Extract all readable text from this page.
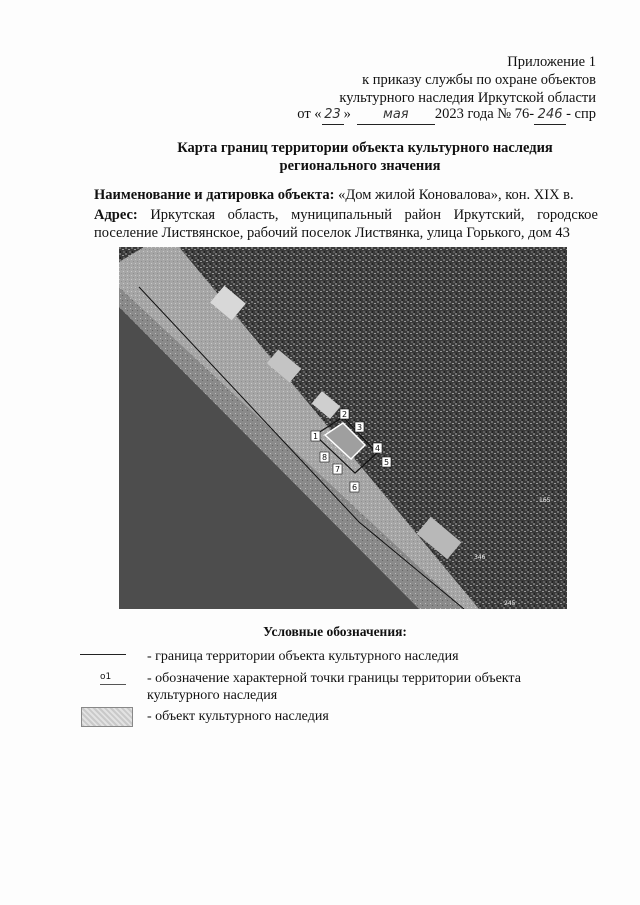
Приложение 1
к приказу службы по охране объектов
культурного наследия Иркутской области
от « 23 »	мая	2023 года № 76- 246 - спр
Карта границ территории объекта культурного наследия
регионального значения
Наименование и датировка объекта: «Дом жилой Коновалова», кон. XIX в.
Адрес: Иркутская область, муниципальный район Иркутский, городское поселение Листвянское, рабочий поселок Листвянка, улица Горького, дом 43
1
2
3
4
5
6
7
8
165
346
245
Условные обозначения:
- граница территории объекта культурного наследия
о1	- обозначение характерной точки границы территории объекта культурного наследия
- объект культурного наследия
